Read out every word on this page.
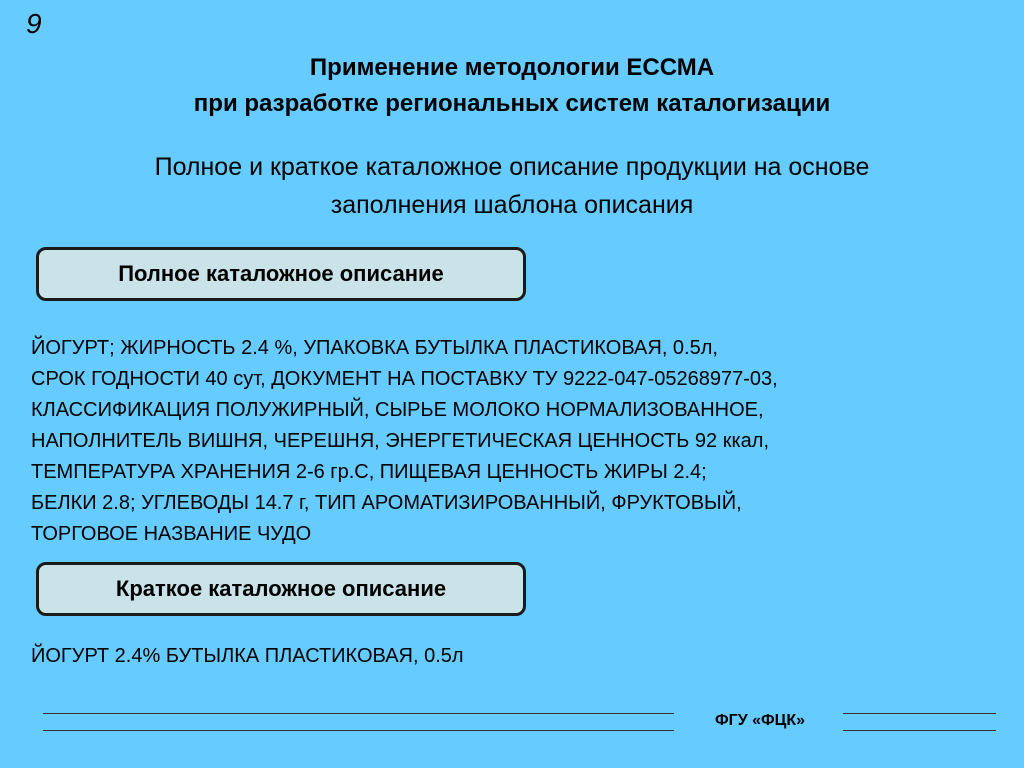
9
Применение методологии ЕССМА
при разработке региональных систем каталогизации
Полное и краткое каталожное описание продукции на основе
заполнения шаблона описания
Полное каталожное описание
ЙОГУРТ; ЖИРНОСТЬ 2.4 %, УПАКОВКА БУТЫЛКА ПЛАСТИКОВАЯ, 0.5л,
СРОК ГОДНОСТИ 40 сут, ДОКУМЕНТ НА ПОСТАВКУ ТУ 9222-047-05268977-03,
КЛАССИФИКАЦИЯ ПОЛУЖИРНЫЙ, СЫРЬЕ МОЛОКО НОРМАЛИЗОВАННОЕ,
НАПОЛНИТЕЛЬ ВИШНЯ, ЧЕРЕШНЯ, ЭНЕРГЕТИЧЕСКАЯ ЦЕННОСТЬ 92 ккал,
ТЕМПЕРАТУРА ХРАНЕНИЯ 2-6 гр.С, ПИЩЕВАЯ ЦЕННОСТЬ ЖИРЫ 2.4;
БЕЛКИ 2.8; УГЛЕВОДЫ 14.7 г, ТИП АРОМАТИЗИРОВАННЫЙ, ФРУКТОВЫЙ,
ТОРГОВОЕ НАЗВАНИЕ ЧУДО
Краткое каталожное описание
ЙОГУРТ 2.4% БУТЫЛКА ПЛАСТИКОВАЯ, 0.5л
ФГУ «ФЦК»
